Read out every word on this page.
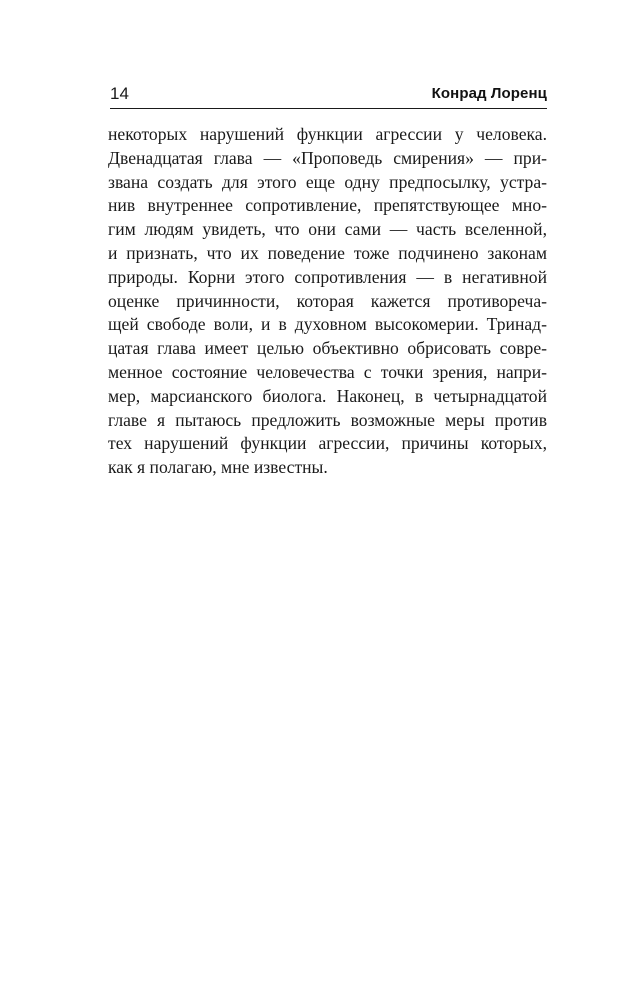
14	Конрад Лоренц
некоторых нарушений функции агрессии у человека.
Двенадцатая глава — «Проповедь смирения» — при-
звана создать для этого еще одну предпосылку, устра-
нив внутреннее сопротивление, препятствующее мно-
гим людям увидеть, что они сами — часть вселенной,
и признать, что их поведение тоже подчинено законам
природы. Корни этого сопротивления — в негативной
оценке причинности, которая кажется противореча-
щей свободе воли, и в духовном высокомерии. Тринад-
цатая глава имеет целью объективно обрисовать совре-
менное состояние человечества с точки зрения, напри-
мер, марсианского биолога. Наконец, в четырнадцатой
главе я пытаюсь предложить возможные меры против
тех нарушений функции агрессии, причины которых,
как я полагаю, мне известны.
